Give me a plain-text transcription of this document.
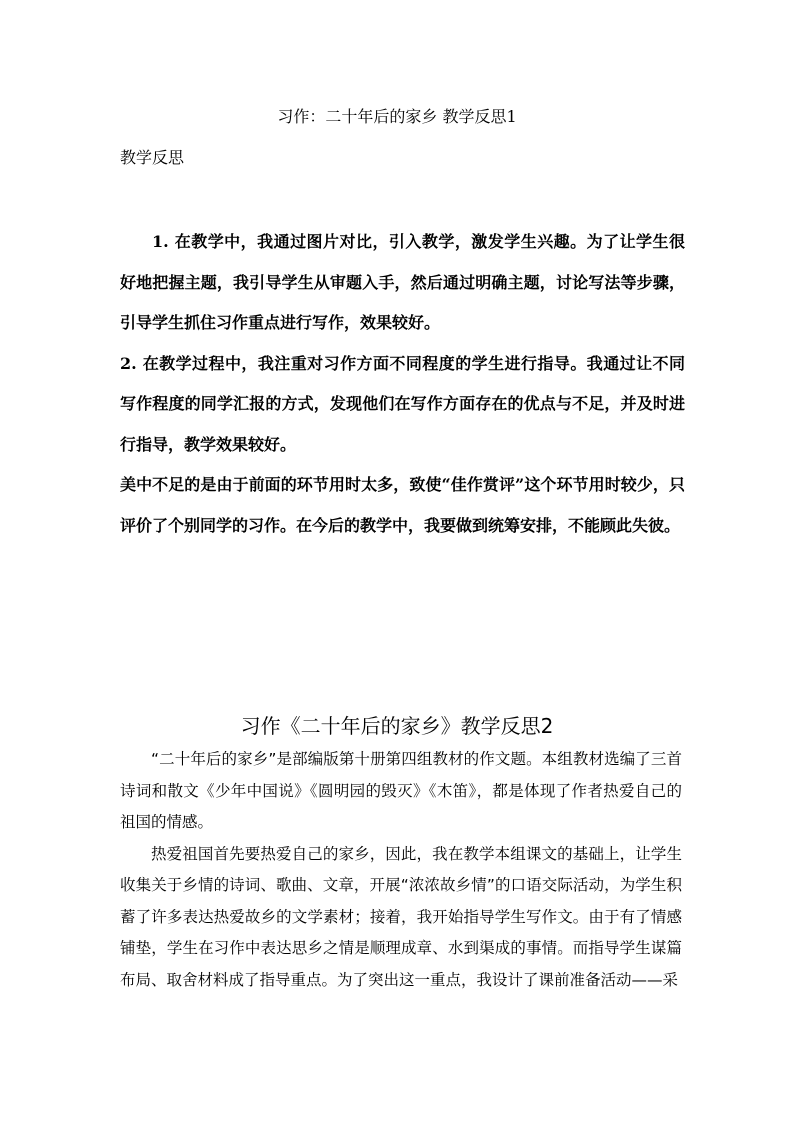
习作：二十年后的家乡 教学反思1
教学反思

1. 在教学中，我通过图片对比，引入教学，激发学生兴趣。为了让学生很好地把握主题，我引导学生从审题入手，然后通过明确主题，讨论写法等步骤，引导学生抓住习作重点进行写作，效果较好。

2. 在教学过程中，我注重对习作方面不同程度的学生进行指导。我通过让不同写作程度的同学汇报的方式，发现他们在写作方面存在的优点与不足，并及时进行指导，教学效果较好。

美中不足的是由于前面的环节用时太多，致使“佳作赏评”这个环节用时较少，只评价了个别同学的习作。在今后的教学中，我要做到统筹安排，不能顾此失彼。

习作《二十年后的家乡》教学反思2

“二十年后的家乡”是部编版第十册第四组教材的作文题。本组教材选编了三首诗词和散文《少年中国说》《圆明园的毁灭》《木笛》，都是体现了作者热爱自己的祖国的情感。

热爱祖国首先要热爱自己的家乡，因此，我在教学本组课文的基础上，让学生收集关于乡情的诗词、歌曲、文章，开展“浓浓故乡情”的口语交际活动，为学生积蓄了许多表达热爱故乡的文学素材；接着，我开始指导学生写作文。由于有了情感铺垫，学生在习作中表达思乡之情是顺理成章、水到渠成的事情。而指导学生谋篇布局、取舍材料成了指导重点。为了突出这一重点，我设计了课前准备活动——采
